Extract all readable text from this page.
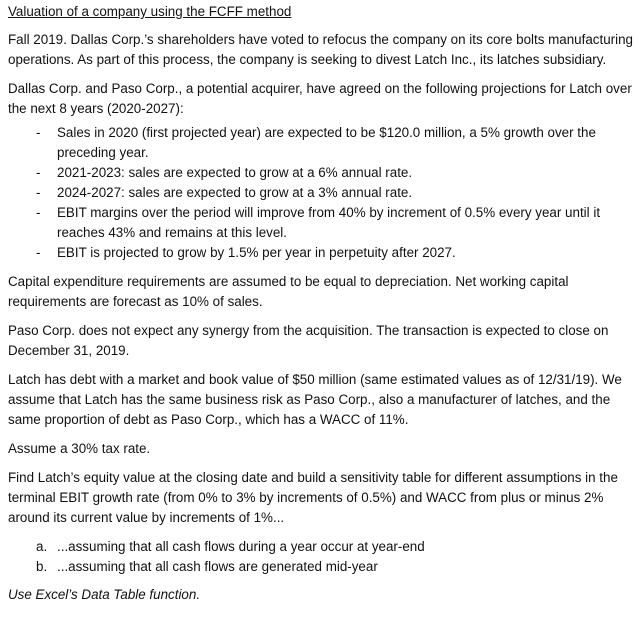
Valuation of a company using the FCFF method

Fall 2019. Dallas Corp.’s shareholders have voted to refocus the company on its core bolts manufacturing operations. As part of this process, the company is seeking to divest Latch Inc., its latches subsidiary.

Dallas Corp. and Paso Corp., a potential acquirer, have agreed on the following projections for Latch over the next 8 years (2020-2027):

- Sales in 2020 (first projected year) are expected to be $120.0 million, a 5% growth over the preceding year.
- 2021-2023: sales are expected to grow at a 6% annual rate.
- 2024-2027: sales are expected to grow at a 3% annual rate.
- EBIT margins over the period will improve from 40% by increment of 0.5% every year until it reaches 43% and remains at this level.
- EBIT is projected to grow by 1.5% per year in perpetuity after 2027.

Capital expenditure requirements are assumed to be equal to depreciation. Net working capital requirements are forecast as 10% of sales.

Paso Corp. does not expect any synergy from the acquisition. The transaction is expected to close on December 31, 2019.

Latch has debt with a market and book value of $50 million (same estimated values as of 12/31/19). We assume that Latch has the same business risk as Paso Corp., also a manufacturer of latches, and the same proportion of debt as Paso Corp., which has a WACC of 11%.

Assume a 30% tax rate.

Find Latch’s equity value at the closing date and build a sensitivity table for different assumptions in the terminal EBIT growth rate (from 0% to 3% by increments of 0.5%) and WACC from plus or minus 2% around its current value by increments of 1%...

a. ...assuming that all cash flows during a year occur at year-end
b. ...assuming that all cash flows are generated mid-year

Use Excel’s Data Table function.
